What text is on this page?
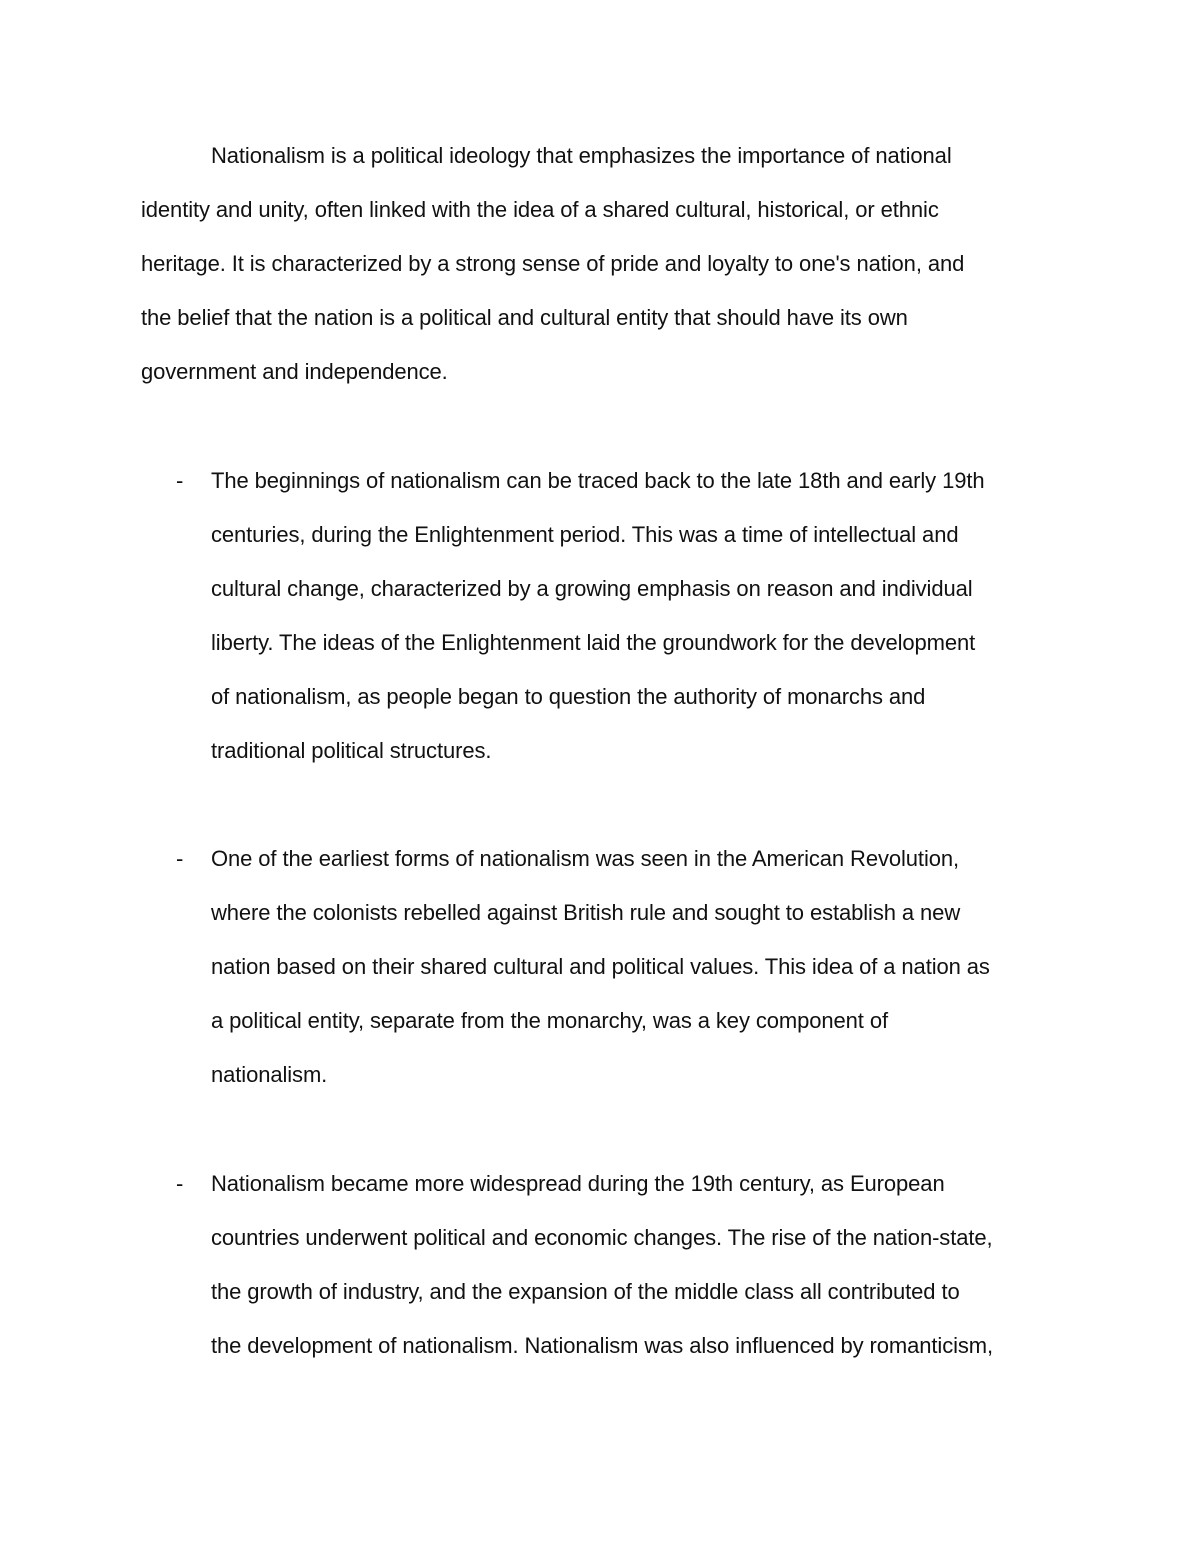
Nationalism is a political ideology that emphasizes the importance of national
identity and unity, often linked with the idea of a shared cultural, historical, or ethnic
heritage. It is characterized by a strong sense of pride and loyalty to one's nation, and
the belief that the nation is a political and cultural entity that should have its own
government and independence.
- The beginnings of nationalism can be traced back to the late 18th and early 19th
centuries, during the Enlightenment period. This was a time of intellectual and
cultural change, characterized by a growing emphasis on reason and individual
liberty. The ideas of the Enlightenment laid the groundwork for the development
of nationalism, as people began to question the authority of monarchs and
traditional political structures.
- One of the earliest forms of nationalism was seen in the American Revolution,
where the colonists rebelled against British rule and sought to establish a new
nation based on their shared cultural and political values. This idea of a nation as
a political entity, separate from the monarchy, was a key component of
nationalism.
- Nationalism became more widespread during the 19th century, as European
countries underwent political and economic changes. The rise of the nation-state,
the growth of industry, and the expansion of the middle class all contributed to
the development of nationalism. Nationalism was also influenced by romanticism,
